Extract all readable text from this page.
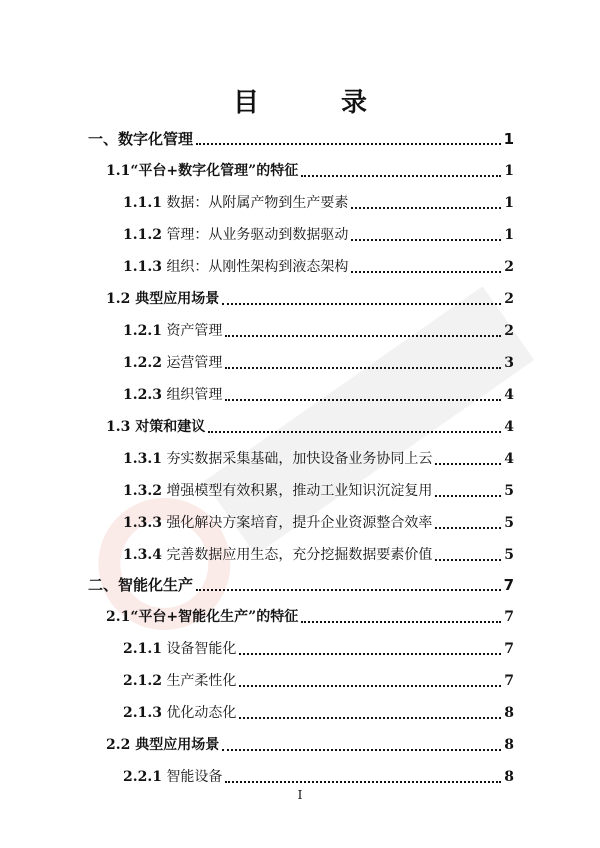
目　录
一、数字化管理	1
1.1“平台+数字化管理”的特征	1
1.1.1 数据：从附属产物到生产要素	1
1.1.2 管理：从业务驱动到数据驱动	1
1.1.3 组织：从刚性架构到液态架构	2
1.2 典型应用场景	2
1.2.1 资产管理	2
1.2.2 运营管理	3
1.2.3 组织管理	4
1.3 对策和建议	4
1.3.1 夯实数据采集基础，加快设备业务协同上云	4
1.3.2 增强模型有效积累，推动工业知识沉淀复用	5
1.3.3 强化解决方案培育，提升企业资源整合效率	5
1.3.4 完善数据应用生态，充分挖掘数据要素价值	5
二、智能化生产	7
2.1“平台+智能化生产”的特征	7
2.1.1 设备智能化	7
2.1.2 生产柔性化	7
2.1.3 优化动态化	8
2.2 典型应用场景	8
2.2.1 智能设备	8
I
